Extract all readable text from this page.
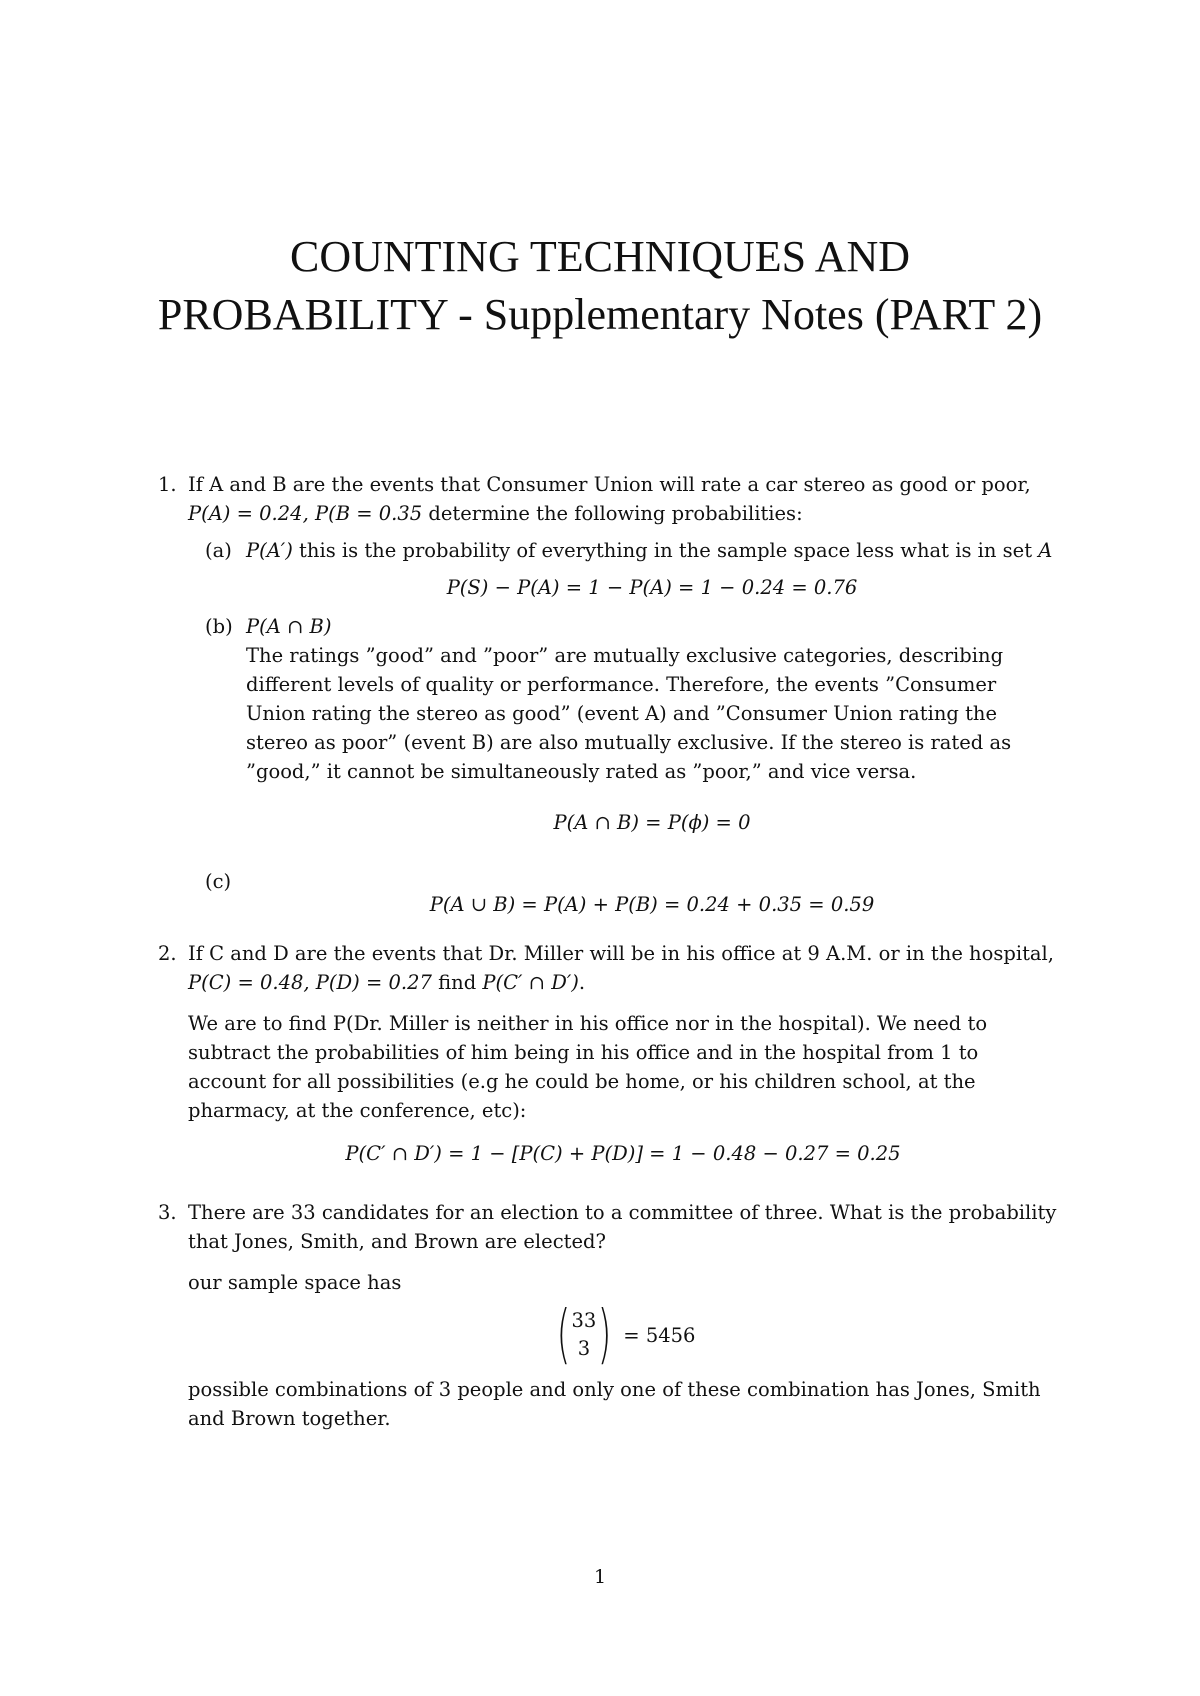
COUNTING TECHNIQUES AND
PROBABILITY - Supplementary Notes (PART 2)
1. If A and B are the events that Consumer Union will rate a car stereo as good or poor, P(A) = 0.24, P(B = 0.35 determine the following probabilities:

(a) P(A′) this is the probability of everything in the sample space less what is in set A

P(S) − P(A) = 1 − P(A) = 1 − 0.24 = 0.76
(b) P(A ∩ B)

The ratings ”good” and ”poor” are mutually exclusive categories, describing different levels of quality or performance. Therefore, the events ”Consumer Union rating the stereo as good” (event A) and ”Consumer Union rating the stereo as poor” (event B) are also mutually exclusive. If the stereo is rated as ”good,” it cannot be simultaneously rated as ”poor,” and vice versa.

P(A ∩ B) = P(ϕ) = 0
(c)

P(A ∪ B) = P(A) + P(B) = 0.24 + 0.35 = 0.59
2. If C and D are the events that Dr. Miller will be in his office at 9 A.M. or in the hospital, P(C) = 0.48, P(D) = 0.27 find P(C′ ∩ D′).

We are to find P(Dr. Miller is neither in his office nor in the hospital). We need to subtract the probabilities of him being in his office and in the hospital from 1 to account for all possibilities (e.g he could be home, or his children school, at the pharmacy, at the conference, etc):

P(C′ ∩ D′) = 1 − [P(C) + P(D)] = 1 − 0.48 − 0.27 = 0.25
3. There are 33 candidates for an election to a committee of three. What is the probability that Jones, Smith, and Brown are elected?

our sample space has

( 33
3 ) = 5456

possible combinations of 3 people and only one of these combination has Jones, Smith and Brown together.

1
